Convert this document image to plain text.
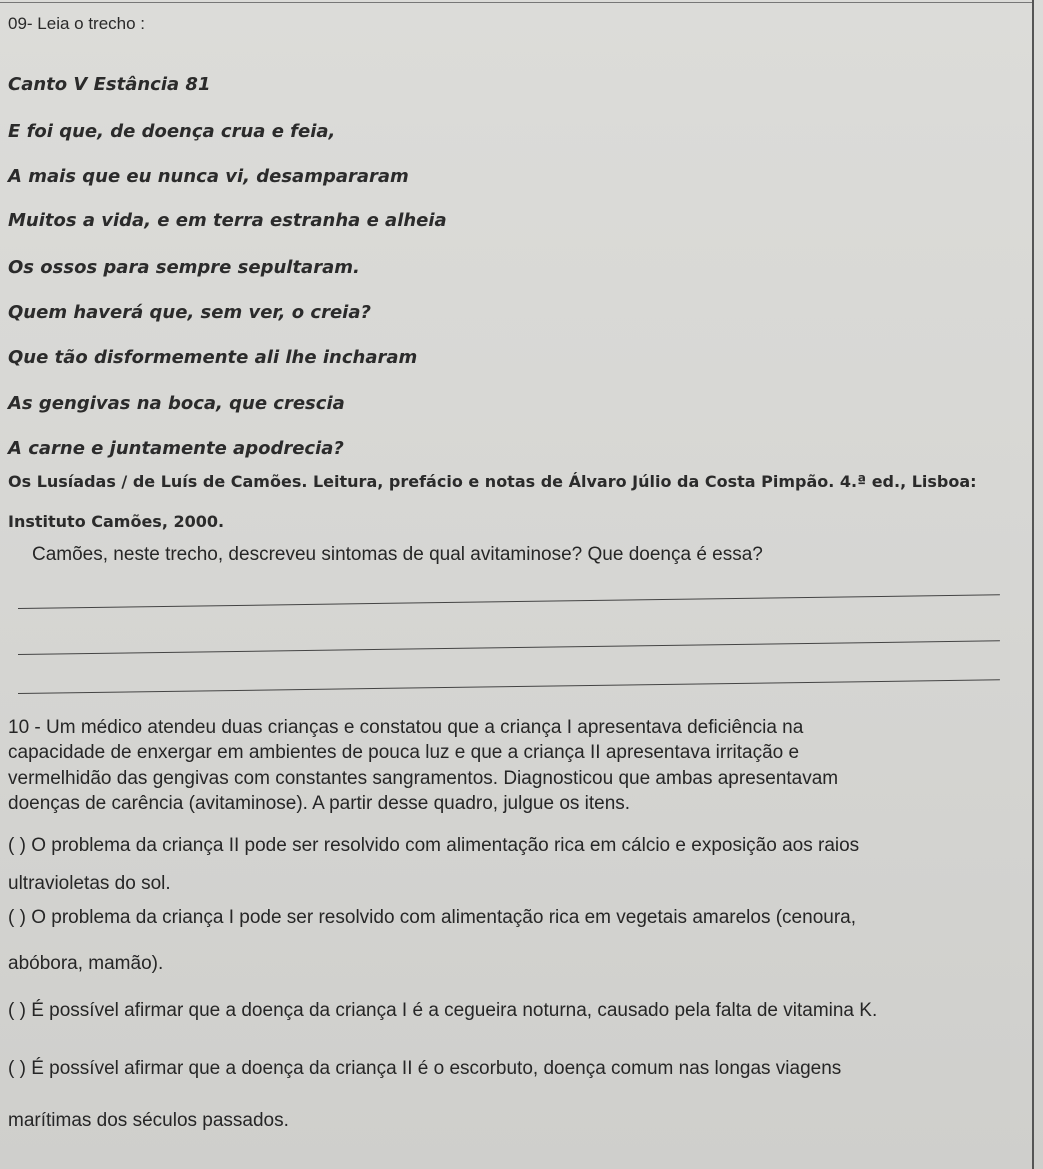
09- Leia o trecho :
Canto V Estância 81
E foi que, de doença crua e feia,
A mais que eu nunca vi, desampararam
Muitos a vida, e em terra estranha e alheia
Os ossos para sempre sepultaram.
Quem haverá que, sem ver, o creia?
Que tão disformemente ali lhe incharam
As gengivas na boca, que crescia
A carne e juntamente apodrecia?
Os Lusíadas / de Luís de Camões. Leitura, prefácio e notas de Álvaro Júlio da Costa Pimpão. 4.ª ed., Lisboa:
Instituto Camões, 2000.
Camões, neste trecho, descreveu sintomas de qual avitaminose? Que doença é essa?
10 - Um médico atendeu duas crianças e constatou que a criança I apresentava deficiência na
capacidade de enxergar em ambientes de pouca luz e que a criança II apresentava irritação e
vermelhidão das gengivas com constantes sangramentos. Diagnosticou que ambas apresentavam
doenças de carência (avitaminose). A partir desse quadro, julgue os itens.
( ) O problema da criança II pode ser resolvido com alimentação rica em cálcio e exposição aos raios
ultravioletas do sol.
( ) O problema da criança I pode ser resolvido com alimentação rica em vegetais amarelos (cenoura,
abóbora, mamão).
( ) É possível afirmar que a doença da criança I é a cegueira noturna, causado pela falta de vitamina K.
( ) É possível afirmar que a doença da criança II é o escorbuto, doença comum nas longas viagens
marítimas dos séculos passados.
